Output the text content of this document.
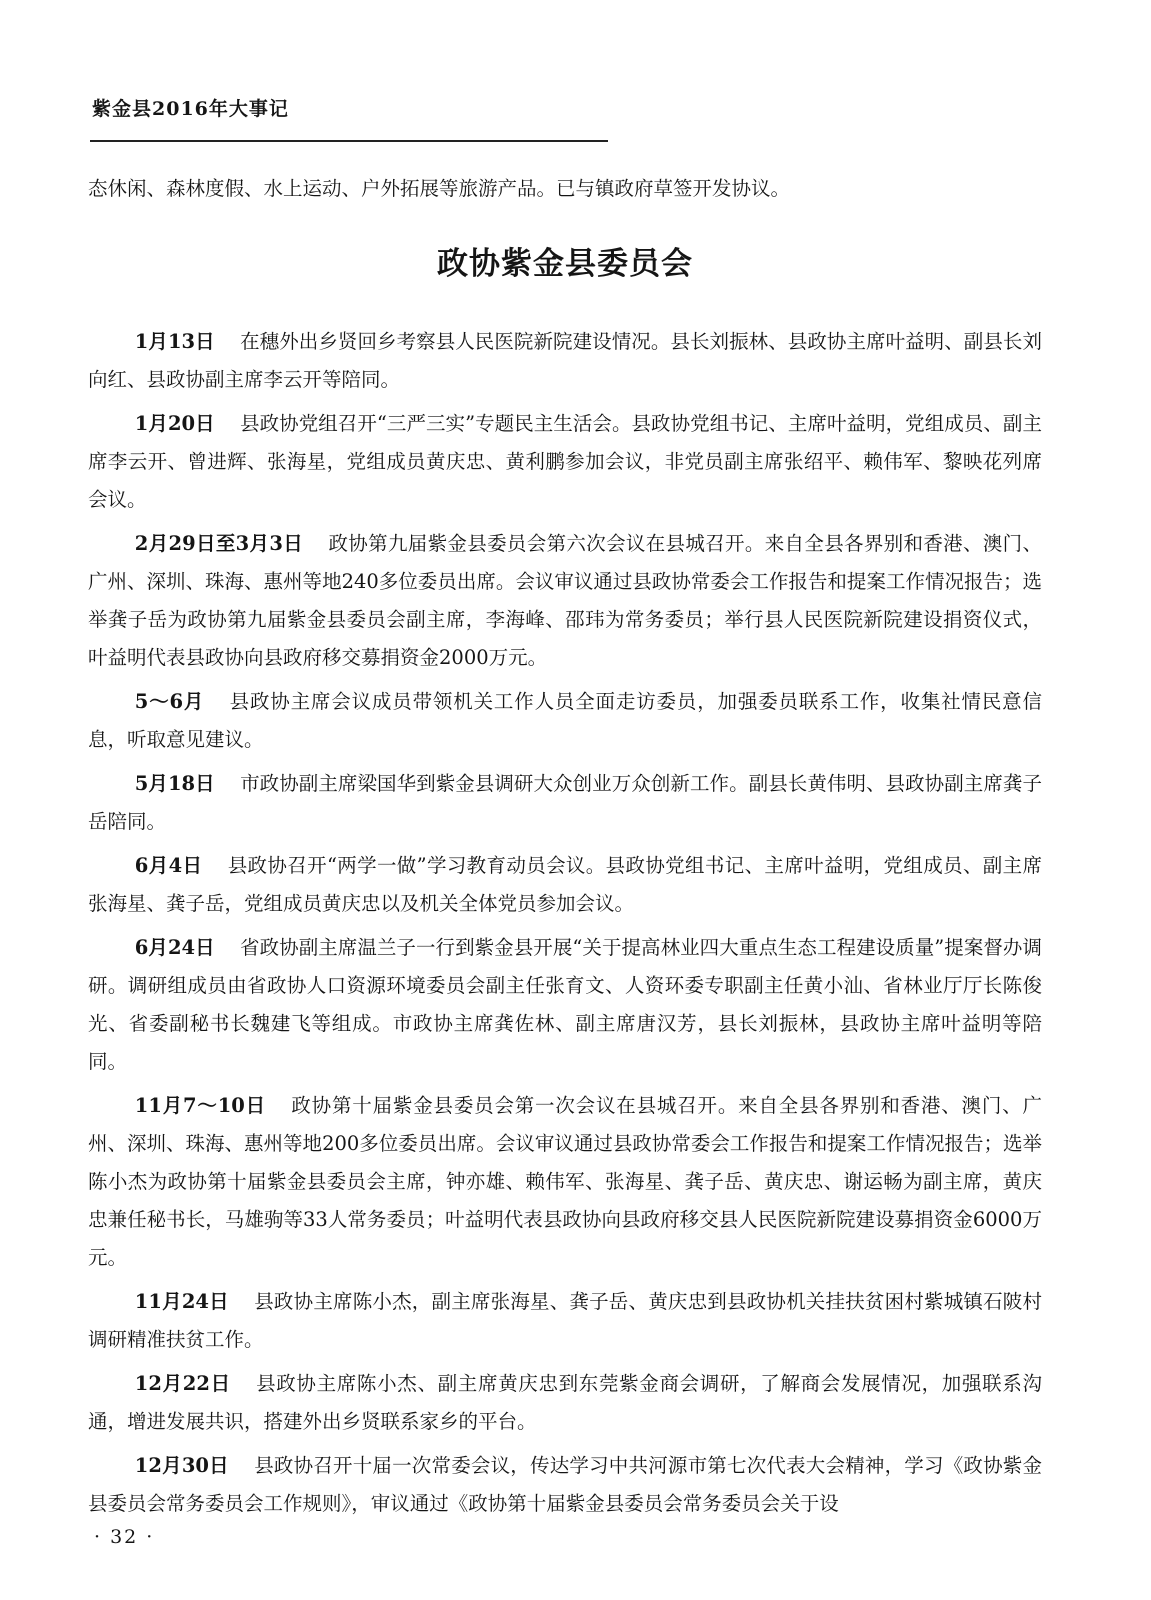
紫金县2016年大事记

态休闲、森林度假、水上运动、户外拓展等旅游产品。已与镇政府草签开发协议。

政协紫金县委员会

1月13日 在穗外出乡贤回乡考察县人民医院新院建设情况。县长刘振林、县政协主席叶益明、副县长刘向红、县政协副主席李云开等陪同。

1月20日 县政协党组召开“三严三实”专题民主生活会。县政协党组书记、主席叶益明，党组成员、副主席李云开、曾进辉、张海星，党组成员黄庆忠、黄利鹏参加会议，非党员副主席张绍平、赖伟军、黎映花列席会议。

2月29日至3月3日 政协第九届紫金县委员会第六次会议在县城召开。来自全县各界别和香港、澳门、广州、深圳、珠海、惠州等地240多位委员出席。会议审议通过县政协常委会工作报告和提案工作情况报告；选举龚子岳为政协第九届紫金县委员会副主席，李海峰、邵玮为常务委员；举行县人民医院新院建设捐资仪式，叶益明代表县政协向县政府移交募捐资金2000万元。

5～6月 县政协主席会议成员带领机关工作人员全面走访委员，加强委员联系工作，收集社情民意信息，听取意见建议。

5月18日 市政协副主席梁国华到紫金县调研大众创业万众创新工作。副县长黄伟明、县政协副主席龚子岳陪同。

6月4日 县政协召开“两学一做”学习教育动员会议。县政协党组书记、主席叶益明，党组成员、副主席张海星、龚子岳，党组成员黄庆忠以及机关全体党员参加会议。

6月24日 省政协副主席温兰子一行到紫金县开展“关于提高林业四大重点生态工程建设质量”提案督办调研。调研组成员由省政协人口资源环境委员会副主任张育文、人资环委专职副主任黄小汕、省林业厅厅长陈俊光、省委副秘书长魏建飞等组成。市政协主席龚佐林、副主席唐汉芳，县长刘振林，县政协主席叶益明等陪同。

11月7～10日 政协第十届紫金县委员会第一次会议在县城召开。来自全县各界别和香港、澳门、广州、深圳、珠海、惠州等地200多位委员出席。会议审议通过县政协常委会工作报告和提案工作情况报告；选举陈小杰为政协第十届紫金县委员会主席，钟亦雄、赖伟军、张海星、龚子岳、黄庆忠、谢运畅为副主席，黄庆忠兼任秘书长，马雄驹等33人常务委员；叶益明代表县政协向县政府移交县人民医院新院建设募捐资金6000万元。

11月24日 县政协主席陈小杰，副主席张海星、龚子岳、黄庆忠到县政协机关挂扶贫困村紫城镇石陂村调研精准扶贫工作。

12月22日 县政协主席陈小杰、副主席黄庆忠到东莞紫金商会调研，了解商会发展情况，加强联系沟通，增进发展共识，搭建外出乡贤联系家乡的平台。

12月30日 县政协召开十届一次常委会议，传达学习中共河源市第七次代表大会精神，学习《政协紫金县委员会常务委员会工作规则》，审议通过《政协第十届紫金县委员会常务委员会关于设

· 32 ·
